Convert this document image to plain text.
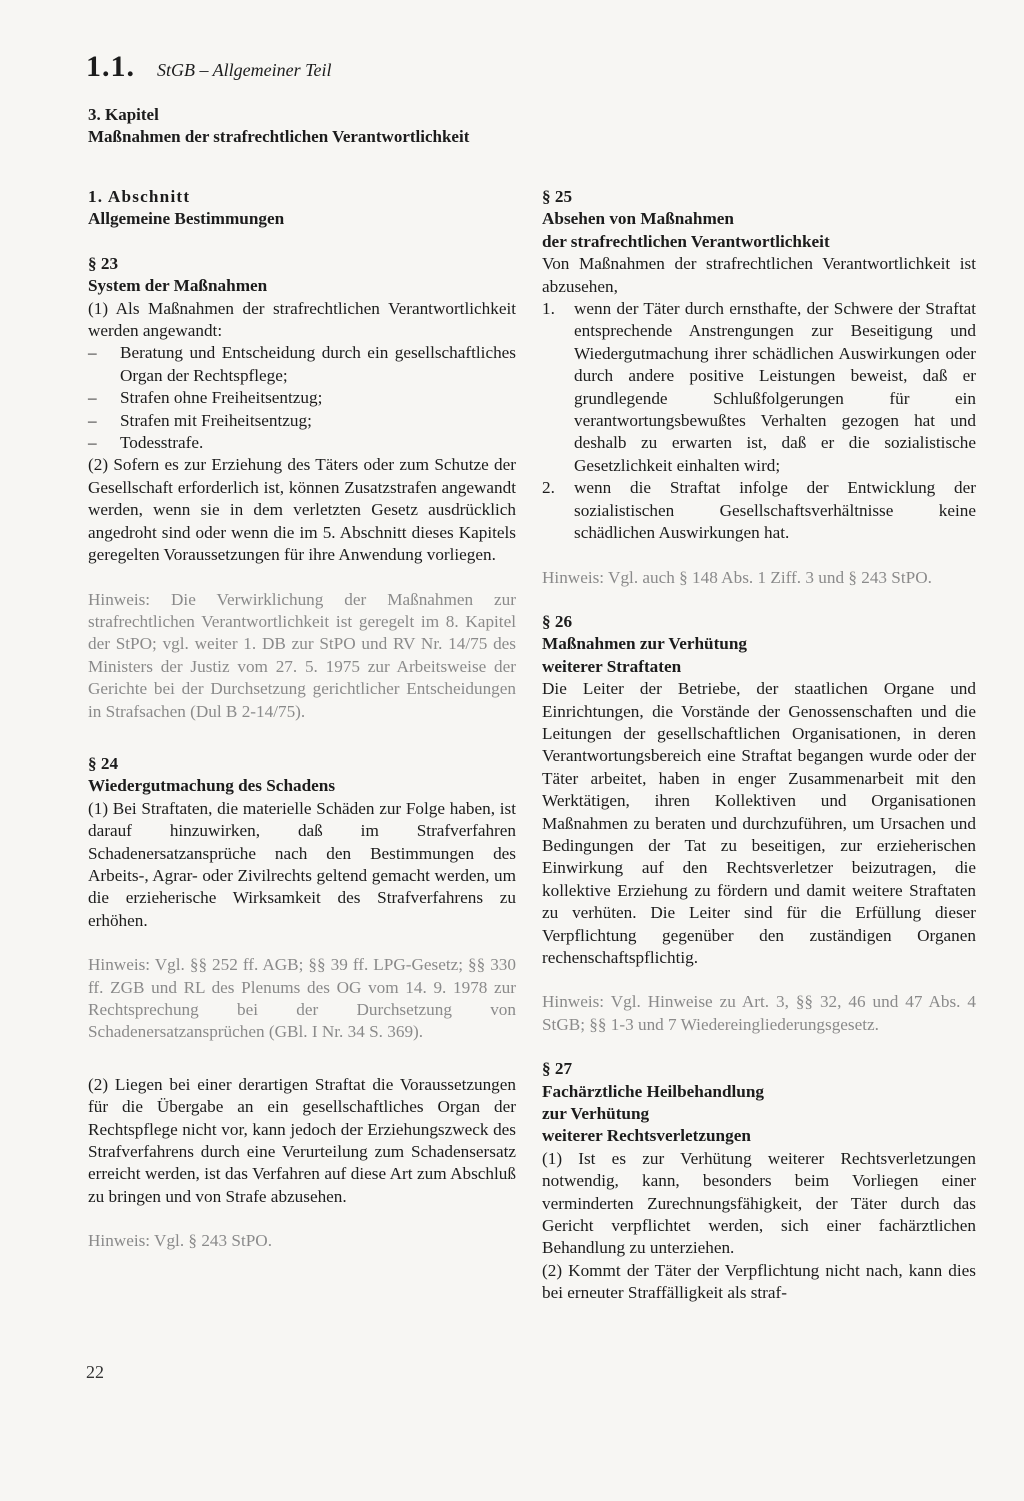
1.1. StGB – Allgemeiner Teil
3. Kapitel
Maßnahmen der strafrechtlichen Verantwortlichkeit
1. Abschnitt
Allgemeine Bestimmungen
§ 23
System der Maßnahmen

(1) Als Maßnahmen der strafrechtlichen Verantwortlichkeit werden angewandt:

– Beratung und Entscheidung durch ein gesellschaftliches Organ der Rechtspflege;
– Strafen ohne Freiheitsentzug;
– Strafen mit Freiheitsentzug;
– Todesstrafe.

(2) Sofern es zur Erziehung des Täters oder zum Schutze der Gesellschaft erforderlich ist, können Zusatzstrafen angewandt werden, wenn sie in dem verletzten Gesetz ausdrücklich angedroht sind oder wenn die im 5. Abschnitt dieses Kapitels geregelten Voraussetzungen für ihre Anwendung vorliegen.

Hinweis: Die Verwirklichung der Maßnahmen zur strafrechtlichen Verantwortlichkeit ist geregelt im 8. Kapitel der StPO; vgl. weiter 1. DB zur StPO und RV Nr. 14/75 des Ministers der Justiz vom 27. 5. 1975 zur Arbeitsweise der Gerichte bei der Durchsetzung gerichtlicher Entscheidungen in Strafsachen (Dul B 2-14/75).

§ 24
Wiedergutmachung des Schadens

(1) Bei Straftaten, die materielle Schäden zur Folge haben, ist darauf hinzuwirken, daß im Strafverfahren Schadenersatzansprüche nach den Bestimmungen des Arbeits-, Agrar- oder Zivilrechts geltend gemacht werden, um die erzieherische Wirksamkeit des Strafverfahrens zu erhöhen.

Hinweis: Vgl. §§ 252 ff. AGB; §§ 39 ff. LPG-Gesetz; §§ 330 ff. ZGB und RL des Plenums des OG vom 14. 9. 1978 zur Rechtsprechung bei der Durchsetzung von Schadenersatzansprüchen (GBl. I Nr. 34 S. 369).

(2) Liegen bei einer derartigen Straftat die Voraussetzungen für die Übergabe an ein gesellschaftliches Organ der Rechtspflege nicht vor, kann jedoch der Erziehungszweck des Strafverfahrens durch eine Verurteilung zum Schadensersatz erreicht werden, ist das Verfahren auf diese Art zum Abschluß zu bringen und von Strafe abzusehen.

Hinweis: Vgl. § 243 StPO.

§ 25
Absehen von Maßnahmen
der strafrechtlichen Verantwortlichkeit

Von Maßnahmen der strafrechtlichen Verantwortlichkeit ist abzusehen,

1. wenn der Täter durch ernsthafte, der Schwere der Straftat entsprechende Anstrengungen zur Beseitigung und Wiedergutmachung ihrer schädlichen Auswirkungen oder durch andere positive Leistungen beweist, daß er grundlegende Schlußfolgerungen für ein verantwortungsbewußtes Verhalten gezogen hat und deshalb zu erwarten ist, daß er die sozialistische Gesetzlichkeit einhalten wird;
2. wenn die Straftat infolge der Entwicklung der sozialistischen Gesellschaftsverhältnisse keine schädlichen Auswirkungen hat.

Hinweis: Vgl. auch § 148 Abs. 1 Ziff. 3 und § 243 StPO.

§ 26
Maßnahmen zur Verhütung
weiterer Straftaten

Die Leiter der Betriebe, der staatlichen Organe und Einrichtungen, die Vorstände der Genossenschaften und die Leitungen der gesellschaftlichen Organisationen, in deren Verantwortungsbereich eine Straftat begangen wurde oder der Täter arbeitet, haben in enger Zusammenarbeit mit den Werktätigen, ihren Kollektiven und Organisationen Maßnahmen zu beraten und durchzuführen, um Ursachen und Bedingungen der Tat zu beseitigen, zur erzieherischen Einwirkung auf den Rechtsverletzer beizutragen, die kollektive Erziehung zu fördern und damit weitere Straftaten zu verhüten. Die Leiter sind für die Erfüllung dieser Verpflichtung gegenüber den zuständigen Organen rechenschaftspflichtig.

Hinweis: Vgl. Hinweise zu Art. 3, §§ 32, 46 und 47 Abs. 4 StGB; §§ 1-3 und 7 Wiedereingliederungsgesetz.

§ 27
Fachärztliche Heilbehandlung
zur Verhütung
weiterer Rechtsverletzungen

(1) Ist es zur Verhütung weiterer Rechtsverletzungen notwendig, kann, besonders beim Vorliegen einer verminderten Zurechnungsfähigkeit, der Täter durch das Gericht verpflichtet werden, sich einer fachärztlichen Behandlung zu unterziehen.

(2) Kommt der Täter der Verpflichtung nicht nach, kann dies bei erneuter Straffälligkeit als straf-

22
